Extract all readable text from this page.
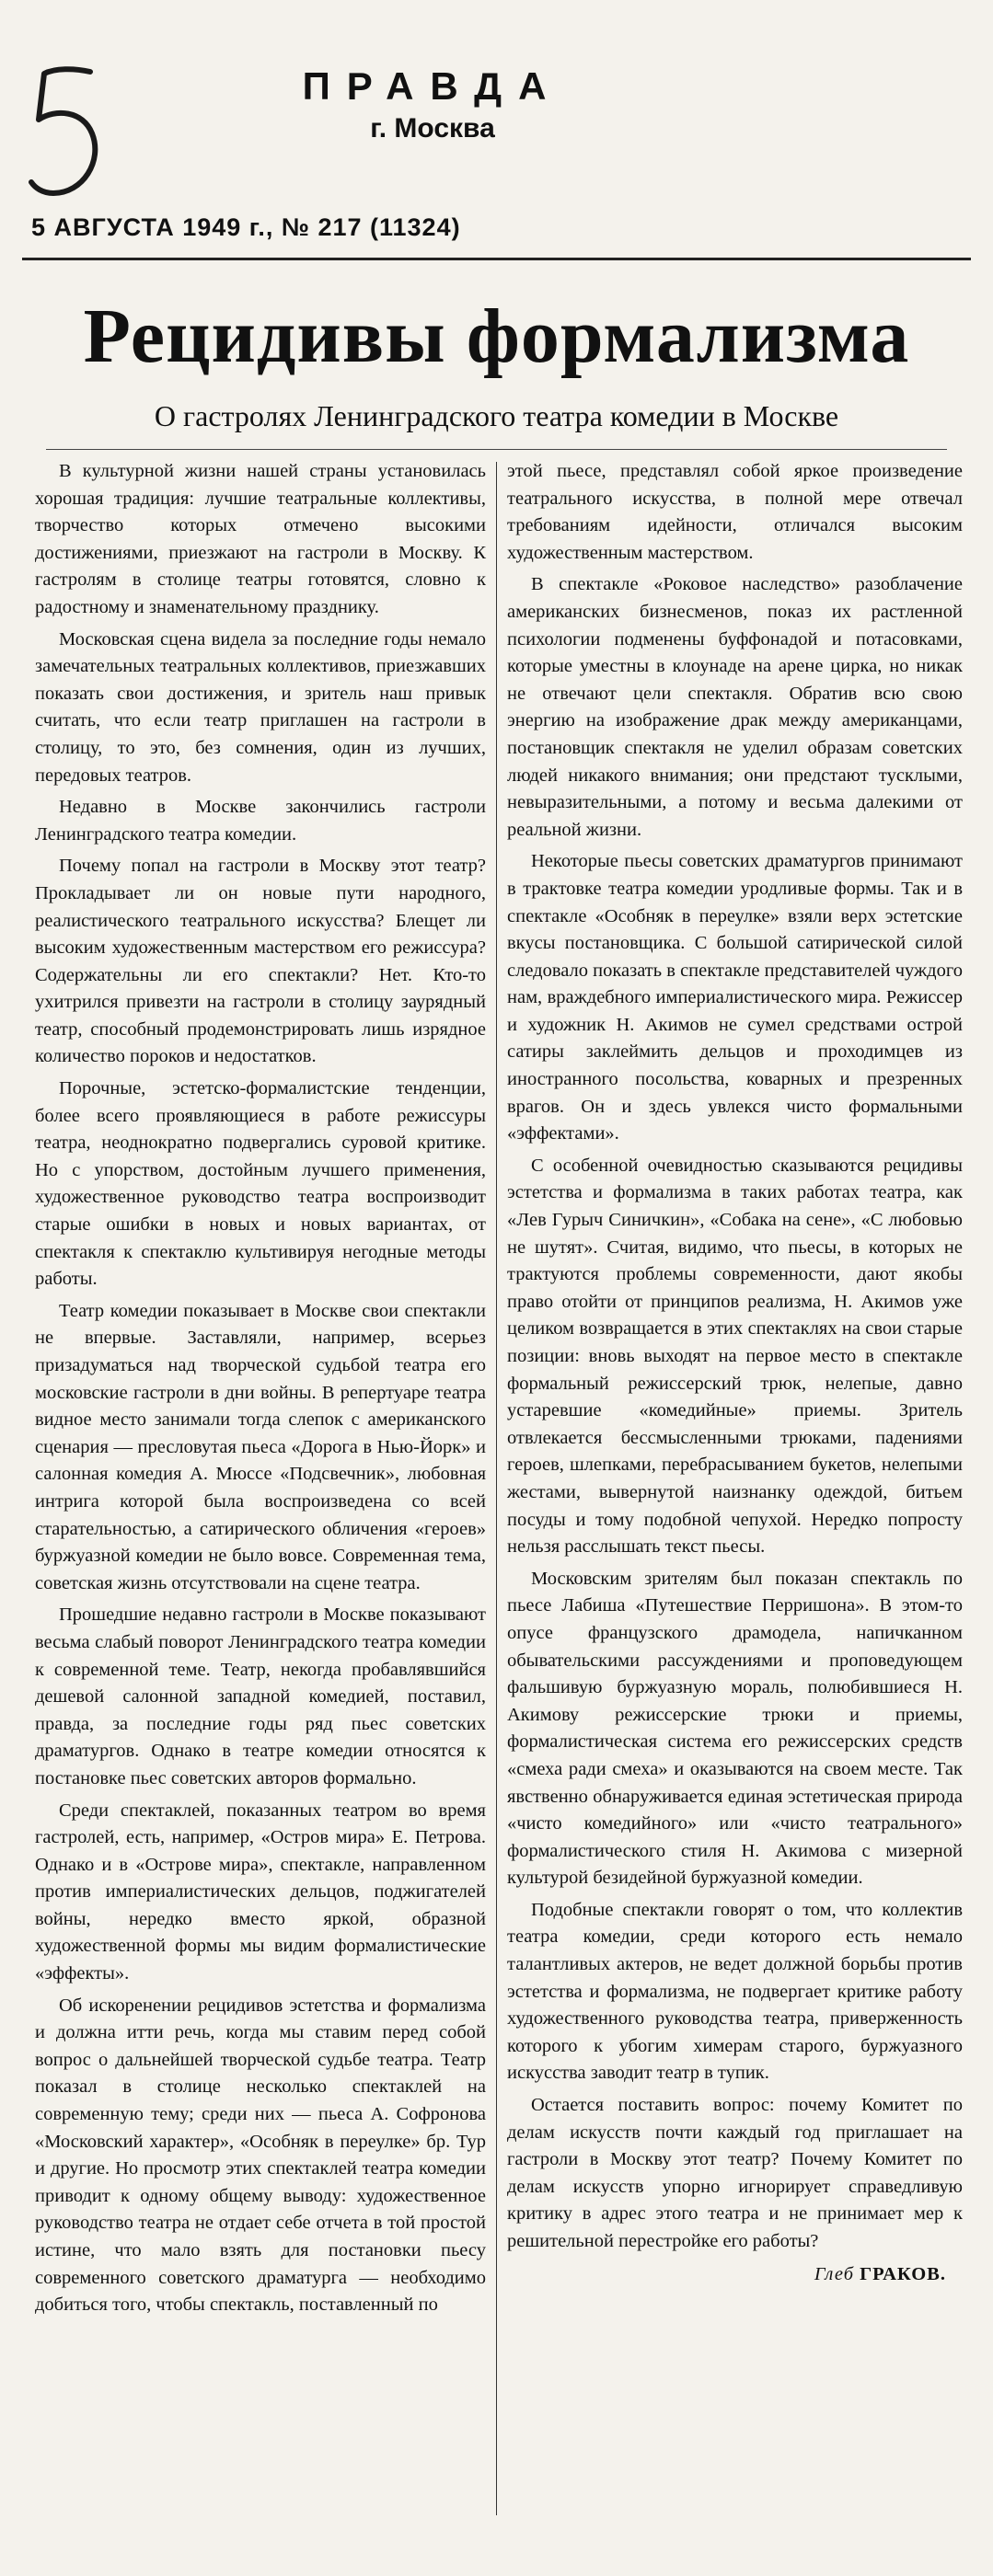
ПРАВДА
г. Москва
5 АВГУСТА 1949 г., № 217 (11324)
Рецидивы формализма
О гастролях Ленинградского театра комедии в Москве

В культурной жизни нашей страны установилась хорошая традиция: лучшие театральные коллективы, творчество которых отмечено высокими достижениями, приезжают на гастроли в Москву. К гастролям в столице театры готовятся, словно к радостному и знаменательному празднику.

Московская сцена видела за последние годы немало замечательных театральных коллективов, приезжавших показать свои достижения, и зритель наш привык считать, что если театр приглашен на гастроли в столицу, то это, без сомнения, один из лучших, передовых театров.

Недавно в Москве закончились гастроли Ленинградского театра комедии.

Почему попал на гастроли в Москву этот театр? Прокладывает ли он новые пути народного, реалистического театрального искусства? Блещет ли высоким художественным мастерством его режиссура? Содержательны ли его спектакли? Нет. Кто-то ухитрился привезти на гастроли в столицу заурядный театр, способный продемонстрировать лишь изрядное количество пороков и недостатков.

Порочные, эстетско-формалистские тенденции, более всего проявляющиеся в работе режиссуры театра, неоднократно подвергались суровой критике. Но с упорством, достойным лучшего применения, художественное руководство театра воспроизводит старые ошибки в новых и новых вариантах, от спектакля к спектаклю культивируя негодные методы работы.

Театр комедии показывает в Москве свои спектакли не впервые. Заставляли, например, всерьез призадуматься над творческой судьбой театра его московские гастроли в дни войны. В репертуаре театра видное место занимали тогда слепок с американского сценария — пресловутая пьеса «Дорога в Нью-Йорк» и салонная комедия А. Мюссе «Подсвечник», любовная интрига которой была воспроизведена со всей старательностью, а сатирического обличения «героев» буржуазной комедии не было вовсе. Современная тема, советская жизнь отсутствовали на сцене театра.

Прошедшие недавно гастроли в Москве показывают весьма слабый поворот Ленинградского театра комедии к современной теме. Театр, некогда пробавлявшийся дешевой салонной западной комедией, поставил, правда, за последние годы ряд пьес советских драматургов. Однако в театре комедии относятся к постановке пьес советских авторов формально.

Среди спектаклей, показанных театром во время гастролей, есть, например, «Остров мира» Е. Петрова. Однако и в «Острове мира», спектакле, направленном против империалистических дельцов, поджигателей войны, нередко вместо яркой, образной художественной формы мы видим формалистические «эффекты».

Об искоренении рецидивов эстетства и формализма и должна итти речь, когда мы ставим перед собой вопрос о дальнейшей творческой судьбе театра. Театр показал в столице несколько спектаклей на современную тему; среди них — пьеса А. Софронова «Московский характер», «Особняк в переулке» бр. Тур и другие. Но просмотр этих спектаклей театра комедии приводит к одному общему выводу: художественное руководство театра не отдает себе отчета в той простой истине, что мало взять для постановки пьесу современного советского драматурга — необходимо добиться того, чтобы спектакль, поставленный по

этой пьесе, представлял собой яркое произведение театрального искусства, в полной мере отвечал требованиям идейности, отличался высоким художественным мастерством.

В спектакле «Роковое наследство» разоблачение американских бизнесменов, показ их растленной психологии подменены буффонадой и потасовками, которые уместны в клоунаде на арене цирка, но никак не отвечают цели спектакля. Обратив всю свою энергию на изображение драк между американцами, постановщик спектакля не уделил образам советских людей никакого внимания; они предстают тусклыми, невыразительными, а потому и весьма далекими от реальной жизни.

Некоторые пьесы советских драматургов принимают в трактовке театра комедии уродливые формы. Так и в спектакле «Особняк в переулке» взяли верх эстетские вкусы постановщика. С большой сатирической силой следовало показать в спектакле представителей чуждого нам, враждебного империалистического мира. Режиссер и художник Н. Акимов не сумел средствами острой сатиры заклеймить дельцов и проходимцев из иностранного посольства, коварных и презренных врагов. Он и здесь увлекся чисто формальными «эффектами».

С особенной очевидностью сказываются рецидивы эстетства и формализма в таких работах театра, как «Лев Гурыч Синичкин», «Собака на сене», «С любовью не шутят». Считая, видимо, что пьесы, в которых не трактуются проблемы современности, дают якобы право отойти от принципов реализма, Н. Акимов уже целиком возвращается в этих спектаклях на свои старые позиции: вновь выходят на первое место в спектакле формальный режиссерский трюк, нелепые, давно устаревшие «комедийные» приемы. Зритель отвлекается бессмысленными трюками, падениями героев, шлепками, перебрасыванием букетов, нелепыми жестами, вывернутой наизнанку одеждой, битьем посуды и тому подобной чепухой. Нередко попросту нельзя расслышать текст пьесы.

Московским зрителям был показан спектакль по пьесе Лабиша «Путешествие Перришона». В этом-то опусе французского драмодела, напичканном обывательскими рассуждениями и проповедующем фальшивую буржуазную мораль, полюбившиеся Н. Акимову режиссерские трюки и приемы, формалистическая система его режиссерских средств «смеха ради смеха» и оказываются на своем месте. Так явственно обнаруживается единая эстетическая природа «чисто комедийного» или «чисто театрального» формалистического стиля Н. Акимова с мизерной культурой безидейной буржуазной комедии.

Подобные спектакли говорят о том, что коллектив театра комедии, среди которого есть немало талантливых актеров, не ведет должной борьбы против эстетства и формализма, не подвергает критике работу художественного руководства театра, приверженность которого к убогим химерам старого, буржуазного искусства заводит театр в тупик.

Остается поставить вопрос: почему Комитет по делам искусств почти каждый год приглашает на гастроли в Москву этот театр? Почему Комитет по делам искусств упорно игнорирует справедливую критику в адрес этого театра и не принимает мер к решительной перестройке его работы?

Глеб ГРАКОВ.
